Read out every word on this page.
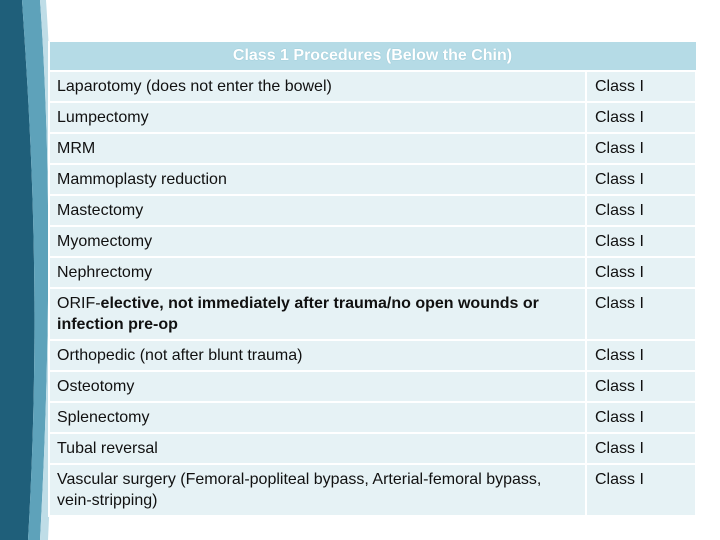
Class 1 Procedures (Below the Chin)	
Laparotomy (does not enter the bowel)	Class I
Lumpectomy	Class I
MRM	Class I
Mammoplasty reduction	Class I
Mastectomy	Class I
Myomectomy	Class I
Nephrectomy	Class I
ORIF-elective, not immediately after trauma/no open wounds or infection pre-op	Class I
Orthopedic (not after blunt trauma)	Class I
Osteotomy	Class I
Splenectomy	Class I
Tubal reversal	Class I
Vascular surgery (Femoral-popliteal bypass, Arterial-femoral bypass, vein-stripping)	Class I
